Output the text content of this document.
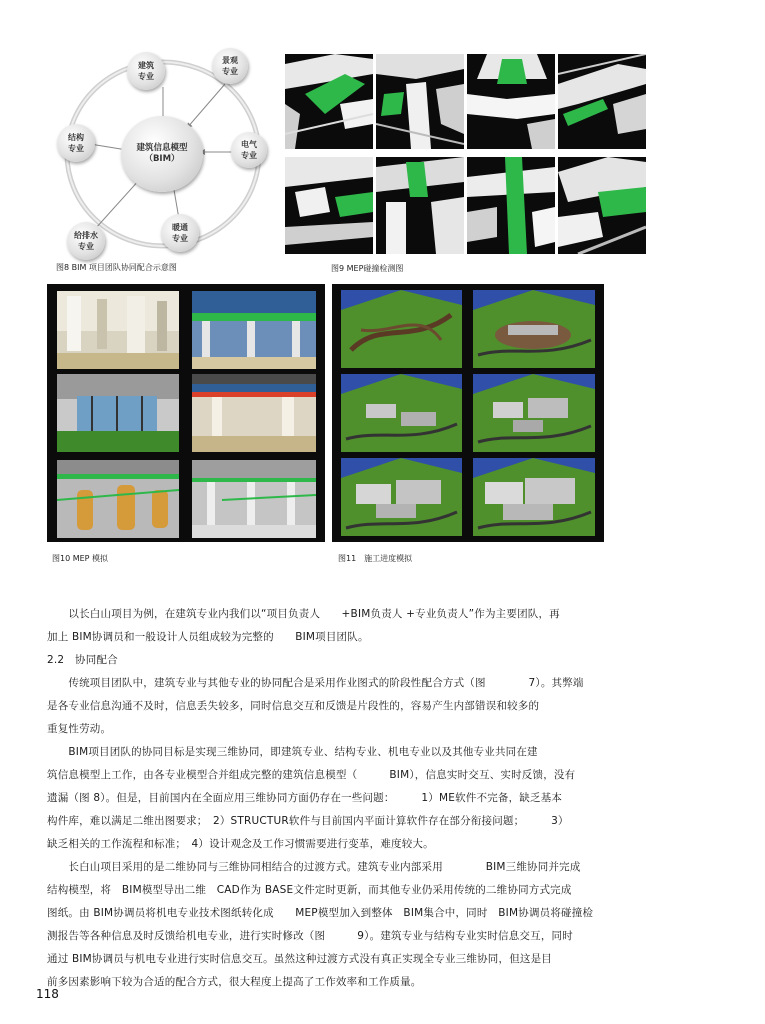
建筑信息模型
（BIM）
建筑
专业
景观
专业
电气
专业
暖通
专业
给排水
专业
结构
专业
图8 BIM 项目团队协同配合示意图	图9 MEP碰撞检测图
图10 MEP 模拟	图11　施工进度模拟
　　以长白山项目为例，在建筑专业内我们以“项目负责人　　+BIM负责人 +专业负责人”作为主要团队，再
加上 BIM协调员和一般设计人员组成较为完整的　　BIM项目团队。
2.2　协同配合
　　传统项目团队中，建筑专业与其他专业的协同配合是采用作业图式的阶段性配合方式（图　　　　7）。其弊端
是各专业信息沟通不及时，信息丢失较多，同时信息交互和反馈是片段性的，容易产生内部错误和较多的
重复性劳动。
　　BIM项目团队的协同目标是实现三维协同，即建筑专业、结构专业、机电专业以及其他专业共同在建
筑信息模型上工作，由各专业模型合并组成完整的建筑信息模型（　　　BIM），信息实时交互、实时反馈，没有
遗漏（图 8）。但是，目前国内在全面应用三维协同方面仍存在一些问题：　　　1）ME软件不完备，缺乏基本
构件库，难以满足二维出图要求；　2）STRUCTUR软件与目前国内平面计算软件存在部分衔接问题；　　　3）
缺乏相关的工作流程和标准；　4）设计观念及工作习惯需要进行变革，难度较大。
　　长白山项目采用的是二维协同与三维协同相结合的过渡方式。建筑专业内部采用　　　　BIM三维协同并完成
结构模型，将　BIM模型导出二维　CAD作为 BASE文件定时更新，而其他专业仍采用传统的二维协同方式完成
图纸。由 BIM协调员将机电专业技术图纸转化成　　MEP模型加入到整体　BIM集合中，同时　BIM协调员将碰撞检
测报告等各种信息及时反馈给机电专业，进行实时修改（图　　　9）。建筑专业与结构专业实时信息交互，同时
通过 BIM协调员与机电专业进行实时信息交互。虽然这种过渡方式没有真正实现全专业三维协同，但这是目
前多因素影响下较为合适的配合方式，很大程度上提高了工作效率和工作质量。
118
